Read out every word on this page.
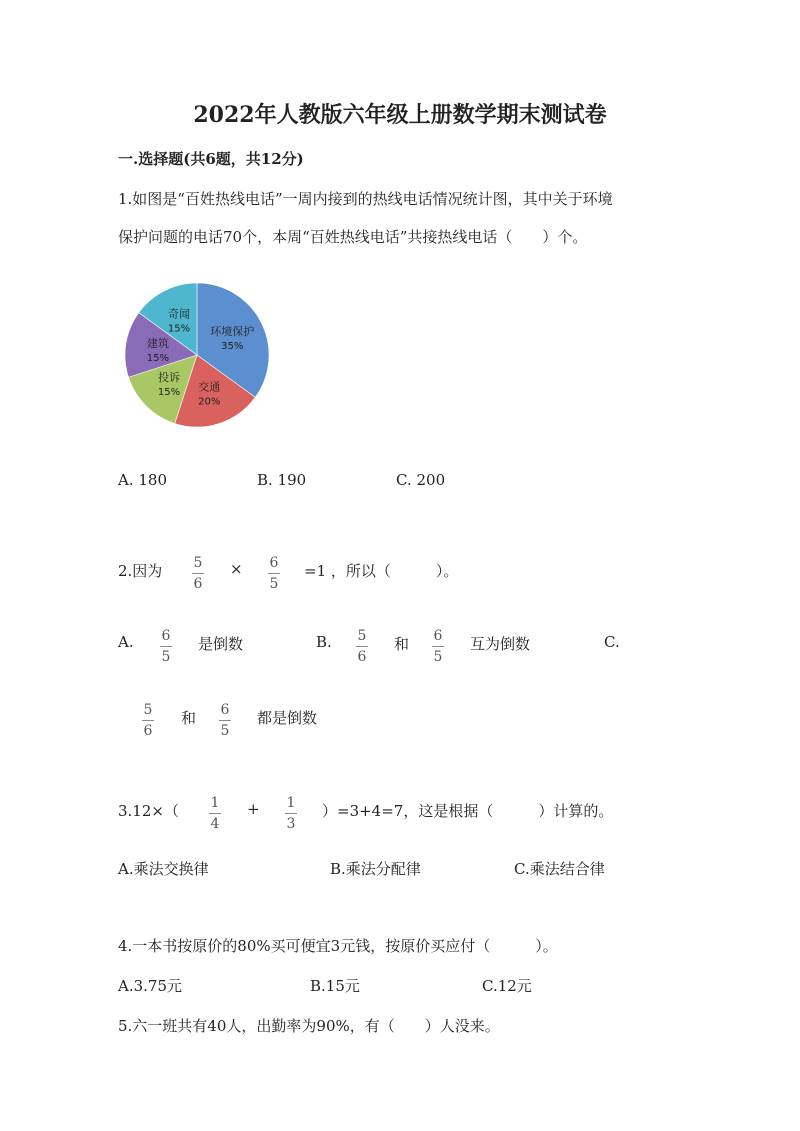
2022年人教版六年级上册数学期末测试卷
一.选择题(共6题，共12分)
1.如图是“百姓热线电话”一周内接到的热线电话情况统计图，其中关于环境
保护问题的电话70个，本周“百姓热线电话”共接热线电话（　　）个。
环境保护
35%
交通
20%
投诉
15%
建筑
15%
奇闻
15%
A. 180	B. 190	C. 200
2.因为 5
6
× 6
5
=1 ，所以（　　　）。
A. 6
5
是倒数	B. 5
6
和 6
5
互为倒数	C.
5
6
和 6
5
都是倒数
3.12×（ 1
4
+ 1
3
）=3+4=7，这是根据（　　　）计算的。
A.乘法交换律	B.乘法分配律	C.乘法结合律
4.一本书按原价的80%买可便宜3元钱，按原价买应付（　　　）。
A.3.75元	B.15元	C.12元
5.六一班共有40人，出勤率为90%，有（　　）人没来。
